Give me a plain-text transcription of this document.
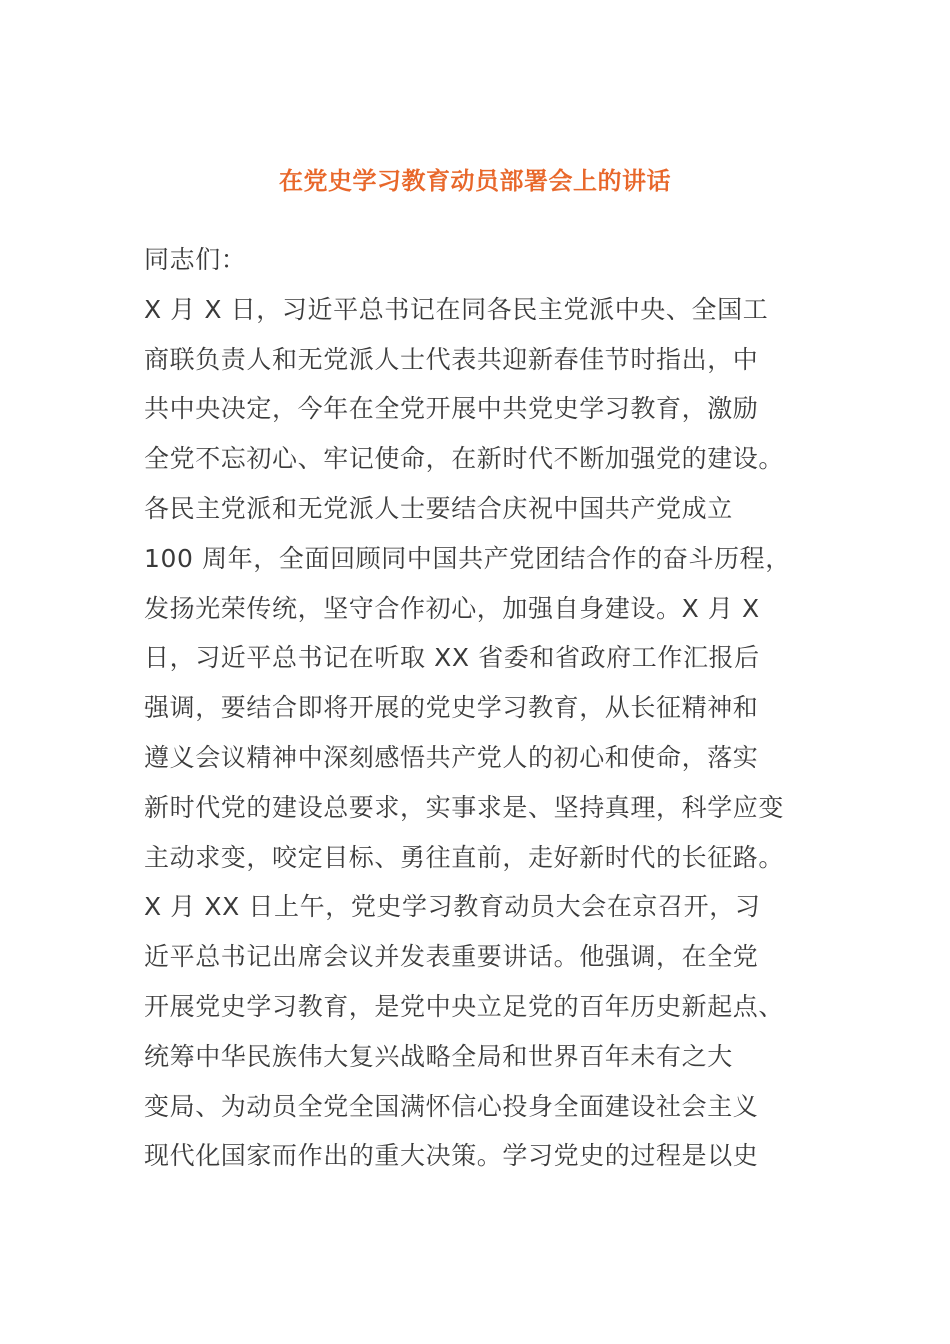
在党史学习教育动员部署会上的讲话
同志们：
X 月 X 日，习近平总书记在同各民主党派中央、全国工
商联负责人和无党派人士代表共迎新春佳节时指出，中
共中央决定，今年在全党开展中共党史学习教育，激励
全党不忘初心、牢记使命，在新时代不断加强党的建设。
各民主党派和无党派人士要结合庆祝中国共产党成立
100 周年，全面回顾同中国共产党团结合作的奋斗历程，
发扬光荣传统，坚守合作初心，加强自身建设。X 月 X
日，习近平总书记在听取 XX 省委和省政府工作汇报后
强调，要结合即将开展的党史学习教育，从长征精神和
遵义会议精神中深刻感悟共产党人的初心和使命，落实
新时代党的建设总要求，实事求是、坚持真理，科学应变
主动求变，咬定目标、勇往直前，走好新时代的长征路。
X 月 XX 日上午，党史学习教育动员大会在京召开，习
近平总书记出席会议并发表重要讲话。他强调，在全党
开展党史学习教育，是党中央立足党的百年历史新起点、
统筹中华民族伟大复兴战略全局和世界百年未有之大
变局、为动员全党全国满怀信心投身全面建设社会主义
现代化国家而作出的重大决策。学习党史的过程是以史
